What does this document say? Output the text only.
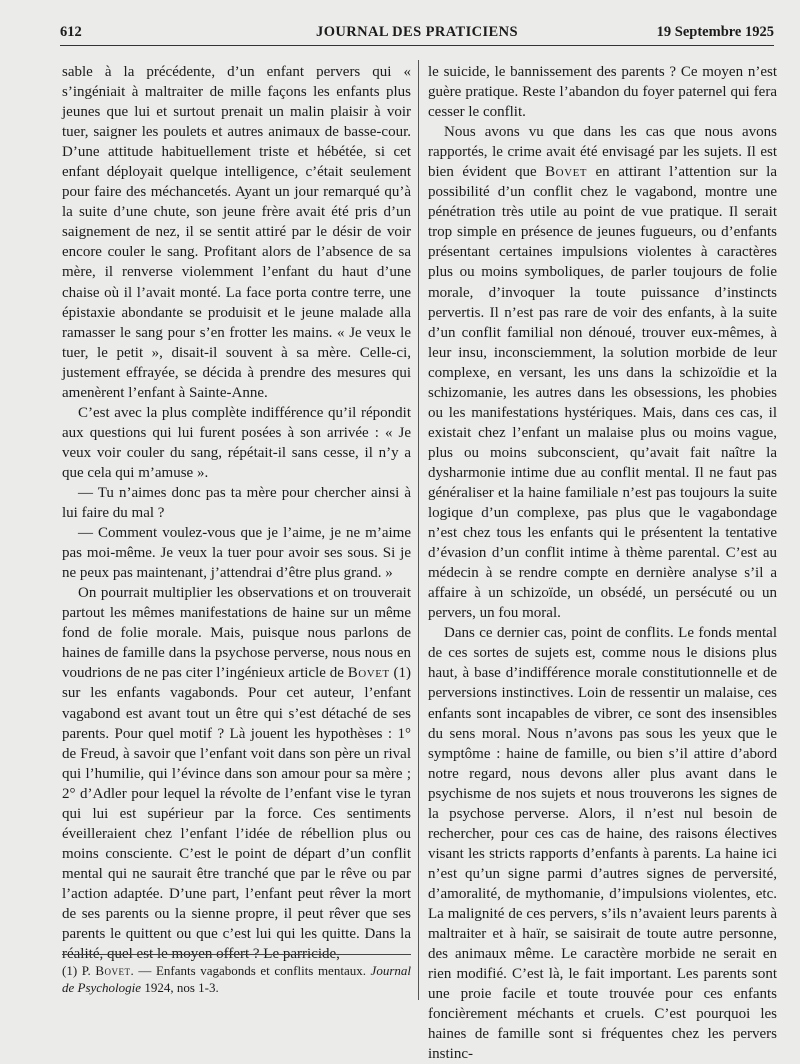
612	JOURNAL DES PRATICIENS	19 Septembre 1925

sable à la précédente, d’un enfant pervers qui « s’ingéniait à maltraiter de mille façons les enfants plus jeunes que lui et surtout prenait un malin plaisir à voir tuer, saigner les poulets et autres animaux de basse-cour. D’une attitude habituellement triste et hébétée, si cet enfant déployait quelque intelligence, c’était seulement pour faire des méchancetés. Ayant un jour remarqué qu’à la suite d’une chute, son jeune frère avait été pris d’un saignement de nez, il se sentit attiré par le désir de voir encore couler le sang. Profitant alors de l’absence de sa mère, il renverse violemment l’enfant du haut d’une chaise où il l’avait monté. La face porta contre terre, une épistaxie abondante se produisit et le jeune malade alla ramasser le sang pour s’en frotter les mains. « Je veux le tuer, le petit », disait-il souvent à sa mère. Celle-ci, justement effrayée, se décida à prendre des mesures qui amenèrent l’enfant à Sainte-Anne.

C’est avec la plus complète indifférence qu’il répondit aux questions qui lui furent posées à son arrivée : « Je veux voir couler du sang, répétait-il sans cesse, il n’y a que cela qui m’amuse ».

— Tu n’aimes donc pas ta mère pour chercher ainsi à lui faire du mal ?

— Comment voulez-vous que je l’aime, je ne m’aime pas moi-même. Je veux la tuer pour avoir ses sous. Si je ne peux pas maintenant, j’attendrai d’être plus grand. »

On pourrait multiplier les observations et on trouverait partout les mêmes manifestations de haine sur un même fond de folie morale. Mais, puisque nous parlons de haines de famille dans la psychose perverse, nous nous en voudrions de ne pas citer l’ingénieux article de Bovet (1) sur les enfants vagabonds. Pour cet auteur, l’enfant vagabond est avant tout un être qui s’est détaché de ses parents. Pour quel motif ? Là jouent les hypothèses : 1° de Freud, à savoir que l’enfant voit dans son père un rival qui l’humilie, qui l’évince dans son amour pour sa mère ; 2° d’Adler pour lequel la révolte de l’enfant vise le tyran qui lui est supérieur par la force. Ces sentiments éveilleraient chez l’enfant l’idée de rébellion plus ou moins consciente. C’est le point de départ d’un conflit mental qui ne saurait être tranché que par le rêve ou par l’action adaptée. D’une part, l’enfant peut rêver la mort de ses parents ou la sienne propre, il peut rêver que ses parents le quittent ou que c’est lui qui les quitte. Dans la réalité, quel est le moyen offert ? Le parricide,

le suicide, le bannissement des parents ? Ce moyen n’est guère pratique. Reste l’abandon du foyer paternel qui fera cesser le conflit.

Nous avons vu que dans les cas que nous avons rapportés, le crime avait été envisagé par les sujets. Il est bien évident que Bovet en attirant l’attention sur la possibilité d’un conflit chez le vagabond, montre une pénétration très utile au point de vue pratique. Il serait trop simple en présence de jeunes fugueurs, ou d’enfants présentant certaines impulsions violentes à caractères plus ou moins symboliques, de parler toujours de folie morale, d’invoquer la toute puissance d’instincts pervertis. Il n’est pas rare de voir des enfants, à la suite d’un conflit familial non dénoué, trouver eux-mêmes, à leur insu, inconsciemment, la solution morbide de leur complexe, en versant, les uns dans la schizoïdie et la schizomanie, les autres dans les obsessions, les phobies ou les manifestations hystériques. Mais, dans ces cas, il existait chez l’enfant un malaise plus ou moins vague, plus ou moins subconscient, qu’avait fait naître la dysharmonie intime due au conflit mental. Il ne faut pas généraliser et la haine familiale n’est pas toujours la suite logique d’un complexe, pas plus que le vagabondage n’est chez tous les enfants qui le présentent la tentative d’évasion d’un conflit intime à thème parental. C’est au médecin à se rendre compte en dernière analyse s’il a affaire à un schizoïde, un obsédé, un persécuté ou un pervers, un fou moral.

Dans ce dernier cas, point de conflits. Le fonds mental de ces sortes de sujets est, comme nous le disions plus haut, à base d’indifférence morale constitutionnelle et de perversions instinctives. Loin de ressentir un malaise, ces enfants sont incapables de vibrer, ce sont des insensibles du sens moral. Nous n’avons pas sous les yeux que le symptôme : haine de famille, ou bien s’il attire d’abord notre regard, nous devons aller plus avant dans le psychisme de nos sujets et nous trouverons les signes de la psychose perverse. Alors, il n’est nul besoin de rechercher, pour ces cas de haine, des raisons électives visant les stricts rapports d’enfants à parents. La haine ici n’est qu’un signe parmi d’autres signes de perversité, d’amoralité, de mythomanie, d’impulsions violentes, etc. La malignité de ces pervers, s’ils n’avaient leurs parents à maltraiter et à haïr, se saisirait de toute autre personne, des animaux même. Le caractère morbide ne serait en rien modifié. C’est là, le fait important. Les parents sont une proie facile et toute trouvée pour ces enfants foncièrement méchants et cruels. C’est pourquoi les haines de famille sont si fréquentes chez les pervers instinc-

(1) P. Bovet. — Enfants vagabonds et conflits mentaux. Journal de Psychologie 1924, nos 1-3.
